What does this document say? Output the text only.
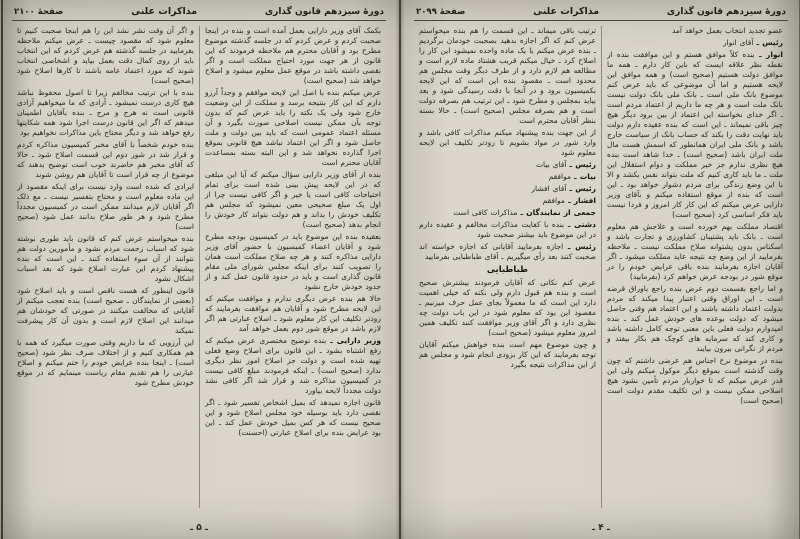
صفحهٔ ۲۱۰۰	مذاکرات علنی	دورهٔ سیزدهم قانون گذاری

بکمک آقای وزیر دارایی بعمل آمده است و بنده در اینجا صحبت کردم و عرض کردم که در جلسه گذشته موضوع مطرح بود و آقایان محترم هم ملاحظه فرمودند که این قانون از هر جهت مورد احتیاج مملکت است و اگر نقصی داشته باشد در موقع عمل معلوم میشود و اصلاح خواهد شد (صحیح است)

عرض میکنم بنده با اصل این لایحه موافقم و وجداً آرزو دارم که این کار بنتیجه برسد و مملکت از این وضعیت خارج شود ولی یک نکته را باید عرض کنم که بدون توجه بآن ممکن نیست اصلاحی صورت بگیرد و آن مسئله اعتماد عمومی است که باید بین دولت و ملت حاصل شود و اگر این اعتماد نباشد هیچ قانونی بموقع اجرا گذارده نخواهد شد و این البته بسته بمساعدت آقایان محترم است

بنده از آقای وزیر دارایی سؤال میکنم که آیا این مبلغی که در این لایحه پیش بینی شده است برای تمام احتیاجات کافی است یا خیر و اگر کافی نیست چرا از اول یک مبلغ صحیحی معین نمیشود که مجلس هم تکلیف خودش را بداند و هم دولت بتواند کار خودش را انجام بدهد (صحیح است)

بعقیده بنده این موضوع باید در کمیسیون بودجه مطرح شود و آقایان اعضاء کمیسیون با حضور آقای وزیر دارایی مذاکره کنند و هر چه صلاح مملکت است همان را تصویب کنند برای اینکه مجلس شورای ملی مقام قانون گذاری است و باید در حدود قانون عمل کند و از حدود خودش خارج نشود

حالا هم بنده عرض دیگری ندارم و موافقت میکنم که این لایحه مطرح شود و آقایان هم موافقت بفرمایند که زودتر تکلیف این کار معلوم شود ـ اصلاح عبارتی هم اگر لازم باشد در موقع شور دوم بعمل خواهد آمد

وزیر دارایی ـ بنده توضیح مختصری عرض میکنم که رفع اشتباه بشود ـ این قانون برای اصلاح وضع فعلی تهیه شده است و دولت جز اصلاح امور نظر دیگری ندارد (صحیح است) ـ اینکه فرمودند مبلغ کافی نیست در کمیسیون مذاکره شد و قرار شد اگر کافی نشد دولت مجدداً لایحه بیاورد

قانون اجازه نمیدهد که بمیل اشخاص تفسیر شود ـ اگر نقصی دارد باید بوسیله خود مجلس اصلاح شود و این صحیح نیست که هر کس بمیل خودش عمل کند ـ این بود عرایض بنده برای اصلاح عبارتی (احسنت)

و اگر آن وقت نشر نشد این را هم اینجا صحبت کنیم تا معلوم شود که مقصود چیست ـ عرض میکنم ملاحظه بفرمایید در جلسه گذشته هم عرض کردم که این انتخاب باید از روی کمال دقت بعمل بیاید و اشخاصی انتخاب شوند که مورد اعتماد عامه باشند تا کارها اصلاح شود (صحیح است)

بنده با این ترتیب مخالفم زیرا تا اصول محفوظ نباشد هیچ کاری درست نمیشود ـ آزادی که ما میخواهیم آزادی قانونی است نه هرج و مرج ـ بنده بآقایان اطمینان میدهم که اگر این قانون درست اجرا شود همه شکایتها رفع خواهد شد و دیگر محتاج باین مذاکرات نخواهیم بود

بنده خودم شخصاً با آقای مخبر کمیسیون مذاکره کردم و قرار شد در شور دوم این قسمت اصلاح شود ـ حالا که آقای مخبر هم حاضرند خوب است توضیح بدهند که موضوع از چه قرار است تا آقایان هم روشن شوند

ایرادی که شده است وارد نیست برای اینکه مقصود از این ماده معلوم است و محتاج بتفسیر نیست ـ مع ذلک اگر آقایان لازم میدانند ممکن است در کمیسیون مجدداً مطرح شود و هر طور صلاح بدانند عمل شود (صحیح است)

بنده میخواستم عرض کنم که قانون باید طوری نوشته شود که اسباب زحمت مردم نشود و مأمورین دولت هم نتوانند از آن سوء استفاده کنند ـ این است که بنده پیشنهاد کردم این عبارت اصلاح شود که بعد اسباب اشکال نشود

قانون اینطور که هست ناقص است و باید اصلاح شود (بعضی از نمایندگان ـ صحیح است) بنده تعجب میکنم از آقایانی که مخالفت میکنند در صورتی که خودشان هم میدانند این اصلاح لازم است و بدون آن کار پیشرفت نمیکند

این آرزویی که ما داریم وقتی صورت میگیرد که همه با هم همکاری کنیم و از اختلاف صرف نظر شود (صحیح است) ـ اینجا بنده عرایض خودم را ختم میکنم و اصلاح عبارتی را هم تقدیم مقام ریاست مینمایم که در موقع خودش مطرح شود

ـ ۵ ـ
صفحهٔ ۲۰۹۹	مذاکرات علنی	دورهٔ سیزدهم قانون گذاری

عضو تجدید انتخاب بعمل خواهد آمد

رئیس ـ آقای انوار

انوار ـ بنده کلاً موافق هستم و این موافقت بنده از نقطه نظر علاقه ایست که باین کار دارم ـ همه ما موافق دولت هستیم (صحیح است) و همه موافق این لایحه هستیم و اما آن موضوعی که باید عرض کنم موضوع بانک ملی است ـ بانک ملی بانک دولت نیست بانک ملت است و هر چه ما داریم از اعتماد مردم است ـ اگر خدای نخواسته این اعتماد از بین برود دیگر هیچ چیز باقی نمیماند ـ این است که بنده عقیده دارم دولت باید نهایت دقت را بکند که حساب بانک از سیاست خارج باشد و بانک ملی ایران همانطور که اسمش هست مال ملت ایران باشد (صحیح است) ـ خدا شاهد است بنده هیچ نظری ندارم جز خیر مملکت و دوام استقلال این ملت ـ ما باید کاری کنیم که ملت بتواند نفس بکشد و الا با این وضع زندگی برای مردم دشوار خواهد بود ـ این است که بنده از موقع استفاده میکنم و بآقای وزیر دارایی عرض میکنم که این کار کار امروز و فردا نیست باید فکر اساسی کرد (صحیح است)

اقتصاد مملکت بهم خورده است و علاجش هم معلوم است ـ بانک باید پشتیبان کشاورزی و تجارت باشد و اسکناس بدون پشتوانه صلاح مملکت نیست ـ ملاحظه بفرمایید از این وضع چه نتیجه عاید مملکت میشود ـ اگر آقایان اجازه بفرمایند بنده باقی عرایض خودم را در موقع شور در بودجه عرض خواهم کرد (بفرمایید)

و اما راجع بقسمت دوم عرض بنده راجع باوراق قرضه است ـ این اوراق وقتی اعتبار پیدا میکند که مردم بدولت اعتماد داشته باشند و این اعتماد هم وقتی حاصل میشود که دولت بوعده های خودش عمل کند ـ بنده امیدوارم دولت فعلی باین معنی توجه کامل داشته باشد و کاری کند که سرمایه های کوچک هم بکار بیفتد و مردم از نگرانی بیرون بیایند

بنده در موضوع نرخ اجناس هم عرضی داشتم که چون وقت گذشته است بموقع دیگر موکول میکنم ولی این قدر عرض میکنم که تا خواربار مردم تأمین نشود هیچ اصلاحی ممکن نیست و این تکلیف مقدم دولت است (صحیح است)

ترتیب باقی میماند ـ این قسمت را هم بنده میخواستم عرض کنم که اگر اجازه بدهید بصحبت خودمان برگردیم ـ بنده عرض میکنم با یک ماده واحده نمیشود این کار را اصلاح کرد ـ خیال میکنم قریب هشتاد ماده لازم است و مطالعه هم لازم دارد و از طرف دیگر وقت مجلس هم محدود است ـ مقصود بنده این است که این لایحه بکمیسیون برود و در آنجا با دقت رسیدگی شود و بعد بیاید بمجلس و مطرح شود ـ این ترتیب هم بصرفه دولت است و هم بصرفه مجلس (صحیح است) ـ حالا بسته بنظر آقایان محترم است

از این جهت بنده پیشنهاد میکنم مذاکرات کافی باشد و وارد شور در مواد بشویم تا زودتر تکلیف این لایحه معلوم شود

رئیس ـ آقای بیات

بیات ـ موافقم

رئیس ـ آقای افشار

افشار ـ موافقم

جمعی از نمایندگان ـ مذاکرات کافی است

دشتی ـ بنده با کفایت مذاکرات مخالفم و عقیده دارم در این موضوع باید بیشتر صحبت شود

رئیس ـ اجازه بفرمایید آقایانی که اجازه خواسته اند صحبت کنند بعد رأی میگیریم ـ آقای طباطبایی بفرمایید

طباطبایی

عرض کنم نکاتی که آقایان فرمودند بیشترش صحیح است و بنده هم قبول دارم ولی نکته که خیلی اهمیت دارد این است که ما معمولاً بجای عمل حرف میزنیم ـ مقصود این بود که معلوم شود در این باب دولت چه نظری دارد و اگر آقای وزیر موافقت کنند تکلیف همین امروز معلوم میشود (صحیح است)

و چون موضوع مهم است بنده خواهش میکنم آقایان توجه بفرمایند که این کار بزودی انجام شود و مجلس هم از این مذاکرات نتیجه بگیرد

ـ ۴ ـ
